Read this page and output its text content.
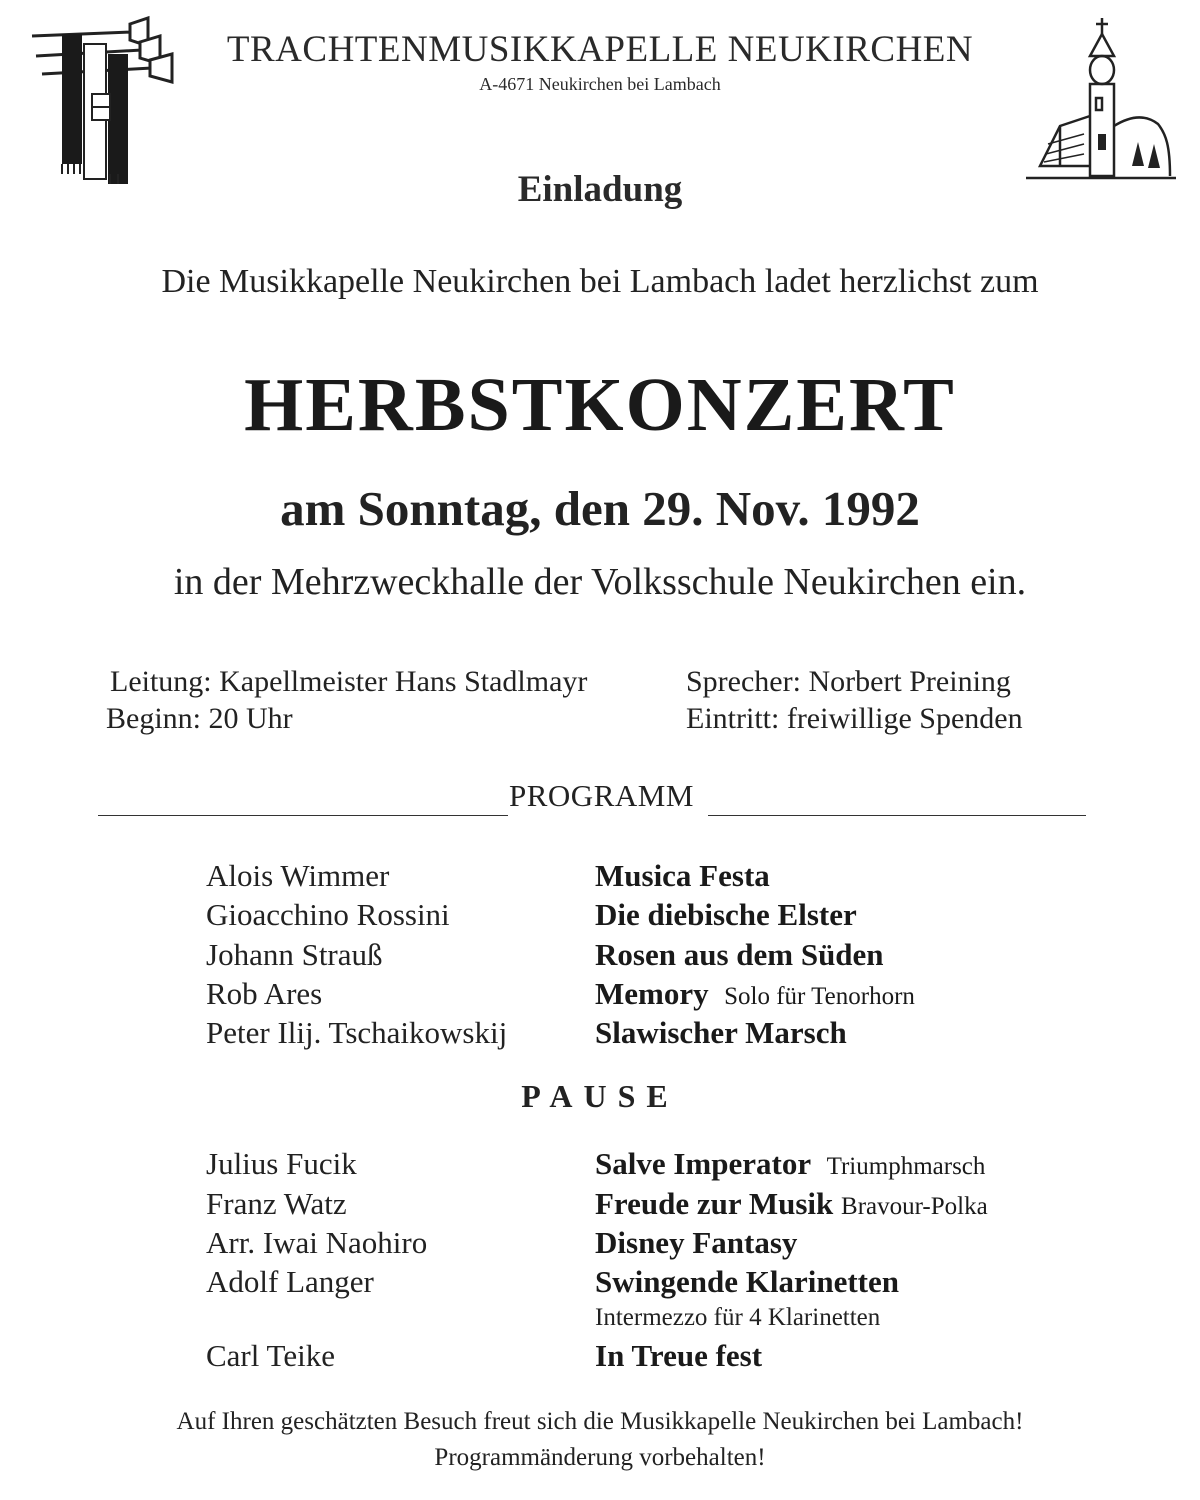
TRACHTENMUSIKKAPELLE NEUKIRCHEN
A-4671 Neukirchen bei Lambach
Einladung
Die Musikkapelle Neukirchen bei Lambach ladet herzlichst zum
HERBSTKONZERT
am Sonntag, den 29. Nov. 1992
in der Mehrzweckhalle der Volksschule Neukirchen ein.
Leitung: Kapellmeister Hans Stadlmayr
Beginn: 20 Uhr
Sprecher: Norbert Preining
Eintritt: freiwillige Spenden
PROGRAMM
Alois Wimmer	Musica Festa
Gioacchino Rossini	Die diebische Elster
Johann Strauß	Rosen aus dem Süden
Rob Ares	Memory Solo für Tenorhorn
Peter Ilij. Tschaikowskij	Slawischer Marsch
PAUSE
Julius Fucik	Salve Imperator Triumphmarsch
Franz Watz	Freude zur Musik Bravour-Polka
Arr. Iwai Naohiro	Disney Fantasy
Adolf Langer	Swingende Klarinetten
Intermezzo für 4 Klarinetten
Carl Teike	In Treue fest
Auf Ihren geschätzten Besuch freut sich die Musikkapelle Neukirchen bei Lambach!
Programmänderung vorbehalten!
